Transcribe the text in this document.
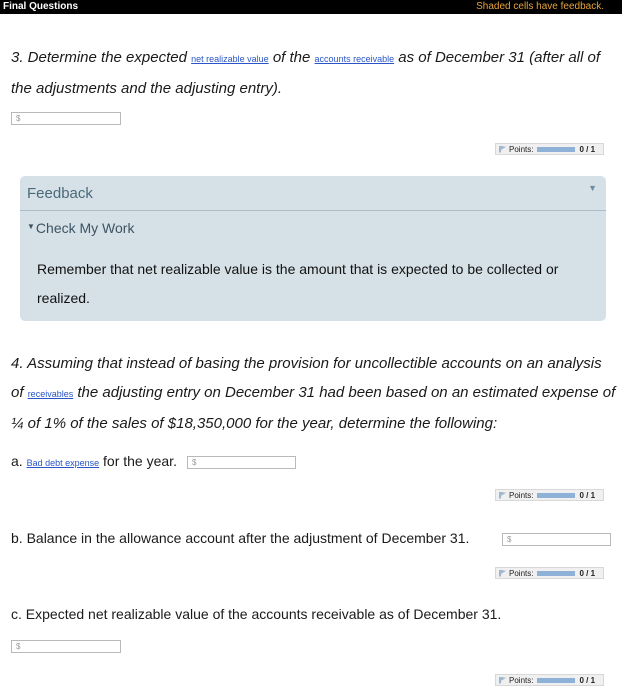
Final Questions	Shaded cells have feedback.
3. Determine the expected net realizable value of the accounts receivable as of December 31 (after all of the adjustments and the adjusting entry).
$
Points:	0 / 1
Feedback	▼
▼Check My Work
Remember that net realizable value is the amount that is expected to be collected or realized.
4. Assuming that instead of basing the provision for uncollectible accounts on an analysis of receivables the adjusting entry on December 31 had been based on an estimated expense of ¼ of 1% of the sales of $18,350,000 for the year, determine the following:
a. Bad debt expense for the year.	$
Points:	0 / 1
b. Balance in the allowance account after the adjustment of December 31.	$
Points:	0 / 1
c. Expected net realizable value of the accounts receivable as of December 31.
$
Points:	0 / 1
